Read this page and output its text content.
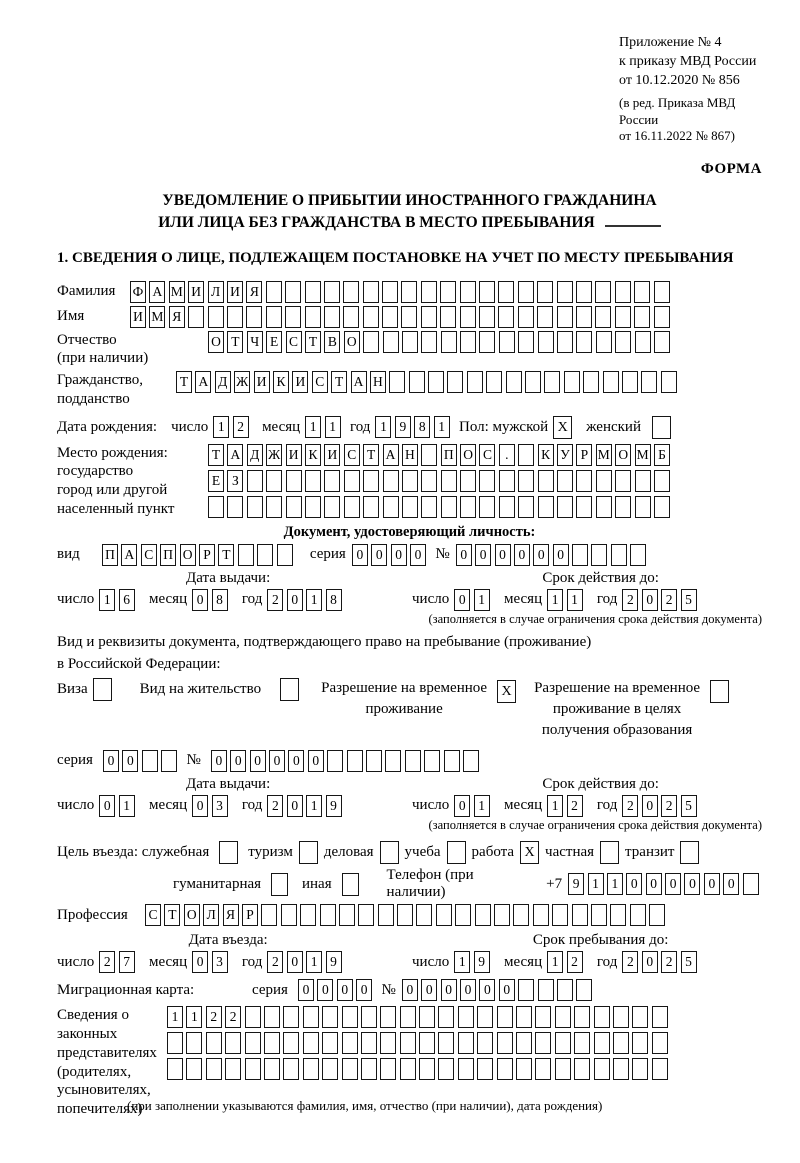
Приложение № 4
к приказу МВД России
от 10.12.2020 № 856
(в ред. Приказа МВД России
от 16.11.2022 № 867)
ФОРМА
УВЕДОМЛЕНИЕ О ПРИБЫТИИ ИНОСТРАННОГО ГРАЖДАНИНА
ИЛИ ЛИЦА БЕЗ ГРАЖДАНСТВА В МЕСТО ПРЕБЫВАНИЯ
1. СВЕДЕНИЯ О ЛИЦЕ, ПОДЛЕЖАЩЕМ ПОСТАНОВКЕ НА УЧЕТ ПО МЕСТУ ПРЕБЫВАНИЯ
Фамилия	Ф А М И Л И Я
Имя	И М Я
Отчество
(при наличии)
О Т Ч Е С Т В О
Гражданство,
подданство
Т А Д Ж И К И С Т А Н
Дата рождения: число 1 2	месяц 1 1 год 1 9 8 1 Пол: мужской X женский
Место рождения:
государство
город или другой
населенный пункт
Т А Д Ж И К И С Т А Н П О С .	К У Р М О М Б
Е З
Документ, удостоверяющий личность:
вид	П А С П О Р Т	серия 0 0 0 0 № 0 0 0 0 0 0
Дата выдачи:	Срок действия до:
число 1 6	месяц 0 8	год 2 0 1 8	число 0 1	месяц 1 1	год 2 0 2 5
(заполняется в случае ограничения срока действия документа)
Вид и реквизиты документа, подтверждающего право на пребывание (проживание)
в Российской Федерации:
Виза	Вид на жительство	Разрешение на временное
проживание
X Разрешение на временное
проживание в целях
получения образования
серия	0 0	№	0 0 0 0 0 0
Дата выдачи:	Срок действия до:
число 0 1	месяц 0 3	год 2 0 1 9	число 0 1	месяц 1 2	год 2 0 2 5
(заполняется в случае ограничения срока действия документа)
Цель въезда: служебная	туризм деловая учеба работа X частная транзит
гуманитарная	иная
Телефон (при наличии)
+7 9 1 1 0 0 0 0 0 0
Профессия	С Т О Л Я Р
Дата въезда:	Срок пребывания до:
число 2 7	месяц 0 3	год 2 0 1 9	число 1 9	месяц 1 2	год 2 0 2 5
Миграционная карта:	серия	0 0 0 0 № 0 0 0 0 0 0
Сведения о
законных
представителях
(родителях,
усыновителях,
попечителях)
1 1 2 2
(при заполнении указываются фамилия, имя, отчество (при наличии), дата рождения)
